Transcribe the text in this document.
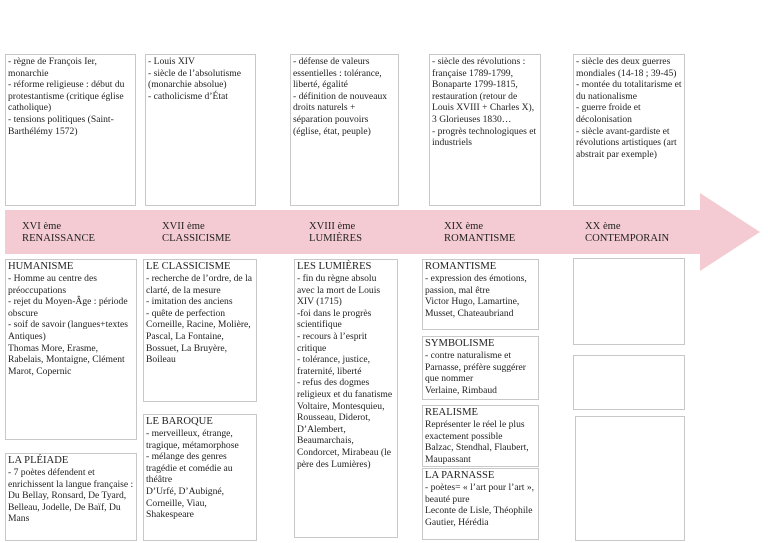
XVI ème
RENAISSANCE
XVII ème
CLASSICISME
XVIII ème
LUMIÈRES
XIX ème
ROMANTISME
XX ème
CONTEMPORAIN

- règne de François Ier, monarchie

- réforme religieuse : début du protestantisme (critique église catholique)

- tensions politiques (Saint-Barthélémy 1572)

- Louis XIV

- siècle de l’absolutisme (monarchie absolue)

- catholicisme d’État

- défense de valeurs essentielles : tolérance, liberté, égalité

- définition de nouveaux droits naturels + séparation pouvoirs (église, état, peuple)

- siècle des révolutions : française 1789-1799, Bonaparte 1799-1815, restauration (retour de Louis XVIII + Charles X), 3 Glorieuses 1830…

- progrès technologiques et industriels

- siècle des deux guerres mondiales (14-18 ; 39-45)

- montée du totalitarisme et du nationalisme

- guerre froide et décolonisation

- siècle avant-gardiste et révolutions artistiques (art abstrait par exemple)

HUMANISME

- Homme au centre des préoccupations

- rejet du Moyen-Âge : période obscure

- soif de savoir (langues+textes Antiques)

Thomas More, Erasme, Rabelais, Montaigne, Clément Marot, Copernic

LA PLÉIADE

- 7 poètes défendent et enrichissent la langue française : Du Bellay, Ronsard, De Tyard, Belleau, Jodelle, De Baïf, Du Mans

LE CLASSICISME

- recherche de l’ordre, de la clarté, de la mesure

- imitation des anciens

- quête de perfection

Corneille, Racine, Molière, Pascal, La Fontaine, Bossuet, La Bruyère, Boileau

LE BAROQUE

- merveilleux, étrange, tragique, métamorphose

- mélange des genres tragédie et comédie au théâtre

D’Urfé, D’Aubigné, Corneille, Viau, Shakespeare

LES LUMIÈRES

- fin du règne absolu avec la mort de Louis XIV (1715)

-foi dans le progrès scientifique

- recours à l’esprit critique

- tolérance, justice, fraternité, liberté

- refus des dogmes religieux et du fanatisme

Voltaire, Montesquieu, Rousseau, Diderot, D’Alembert, Beaumarchais, Condorcet, Mirabeau (le père des Lumières)

ROMANTISME

- expression des émotions, passion, mal être

Victor Hugo, Lamartine, Musset, Chateaubriand

SYMBOLISME

- contre naturalisme et Parnasse, préfère suggérer que nommer

Verlaine, Rimbaud

REALISME

Représenter le réel le plus exactement possible

Balzac, Stendhal, Flaubert, Maupassant

LA PARNASSE

- poètes= « l’art pour l’art », beauté pure

Leconte de Lisle, Théophile Gautier, Hérédia
